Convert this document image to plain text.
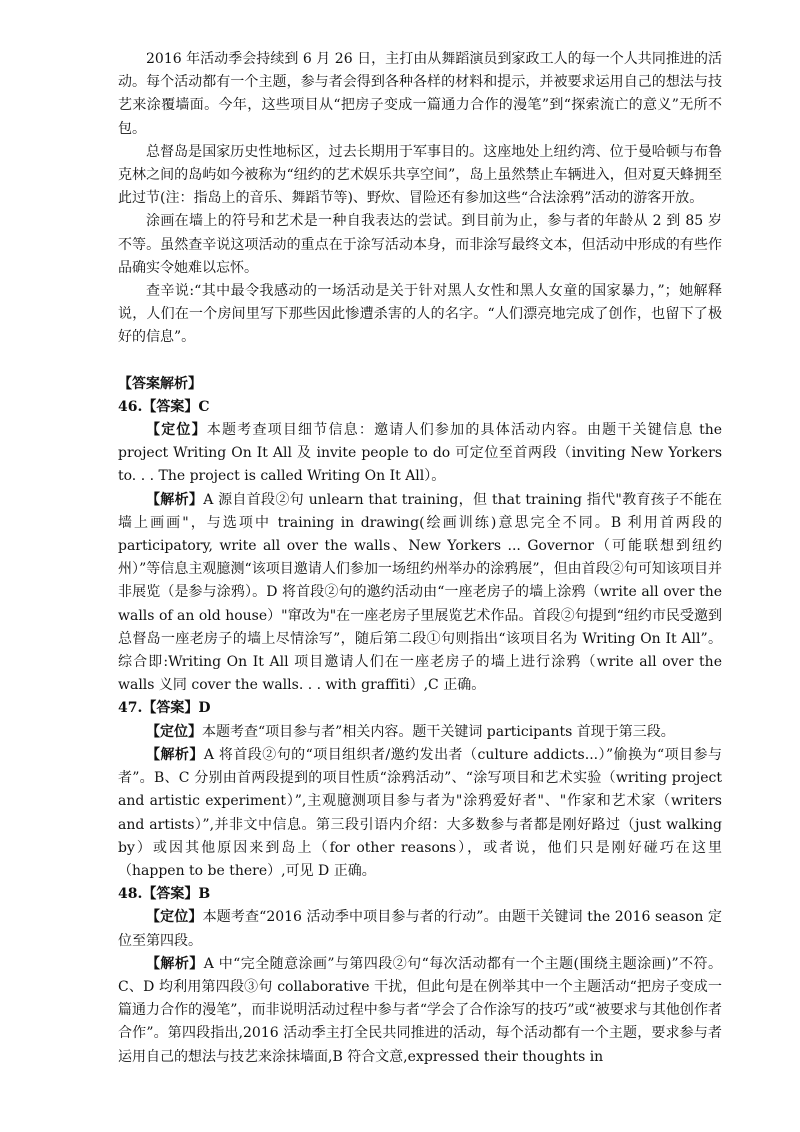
2016 年活动季会持续到 6 月 26 日，主打由从舞蹈演员到家政工人的每一个人共同推进的活动。每个活动都有一个主题，参与者会得到各种各样的材料和提示，并被要求运用自己的想法与技艺来涂覆墙面。今年，这些项目从“把房子变成一篇通力合作的漫笔”到“探索流亡的意义”无所不包。

总督岛是国家历史性地标区，过去长期用于军事目的。这座地处上纽约湾、位于曼哈顿与布鲁克林之间的岛屿如今被称为“纽约的艺术娱乐共享空间”，岛上虽然禁止车辆进入，但对夏天蜂拥至此过节(注：指岛上的音乐、舞蹈节等)、野炊、冒险还有参加这些“合法涂鸦”活动的游客开放。

涂画在墙上的符号和艺术是一种自我表达的尝试。到目前为止，参与者的年龄从 2 到 85 岁不等。虽然查辛说这项活动的重点在于涂写活动本身，而非涂写最终文本，但活动中形成的有些作品确实令她难以忘怀。

查辛说:“其中最令我感动的一场活动是关于针对黑人女性和黑人女童的国家暴力，”；她解释说，人们在一个房间里写下那些因此惨遭杀害的人的名字。“人们漂亮地完成了创作，也留下了极好的信息”。

【答案解析】

46.【答案】C

【定位】本题考查项目细节信息：邀请人们参加的具体活动内容。由题干关键信息 the project Writing On It All 及 invite people to do 可定位至首两段（inviting New Yorkers to. . . The project is called Writing On It All）。

【解析】A 源自首段②句 unlearn that training，但 that training 指代"教育孩子不能在墙上画画"，与选项中 training in drawing(绘画训练)意思完全不同。B 利用首两段的 participatory, write all over the walls、New Yorkers ... Governor（可能联想到纽约州）”等信息主观臆测“该项目邀请人们参加一场纽约州举办的涂鸦展”，但由首段②句可知该项目并非展览（是参与涂鸦）。D 将首段②句的邀约活动由“一座老房子的墙上涂鸦（write all over the walls of an old house）"窜改为"在一座老房子里展览艺术作品。首段②句提到“纽约市民受邀到总督岛一座老房子的墙上尽情涂写”，随后第二段①句则指出“该项目名为 Writing On It All”。综合即:Writing On It All 项目邀请人们在一座老房子的墙上进行涂鸦（write all over the walls 义同 cover the walls. . . with graffiti）,C 正确。

47.【答案】D

【定位】本题考查“项目参与者”相关内容。题干关键词 participants 首现于第三段。

【解析】A 将首段②句的“项目组织者/邀约发出者（culture addicts...）”偷换为“项目参与者”。B、C 分别由首两段提到的项目性质“涂鸦活动”、“涂写项目和艺术实验（writing project and artistic experiment）”,主观臆测项目参与者为"涂鸦爱好者"、"作家和艺术家（writers and artists）”,并非文中信息。第三段引语内介绍：大多数参与者都是刚好路过（just walking by）或因其他原因来到岛上（for other reasons），或者说，他们只是刚好碰巧在这里（happen to be there）,可见 D 正确。

48.【答案】B

【定位】本题考查“2016 活动季中项目参与者的行动”。由题干关键词 the 2016 season 定位至第四段。

【解析】A 中“完全随意涂画”与第四段②句“每次活动都有一个主题(围绕主题涂画)”不符。C、D 均利用第四段③句 collaborative 干扰，但此句是在例举其中一个主题活动“把房子变成一篇通力合作的漫笔”，而非说明活动过程中参与者“学会了合作涂写的技巧”或“被要求与其他创作者合作”。第四段指出,2016 活动季主打全民共同推进的活动，每个活动都有一个主题，要求参与者运用自己的想法与技艺来涂抹墙面,B 符合文意,expressed their thoughts in
